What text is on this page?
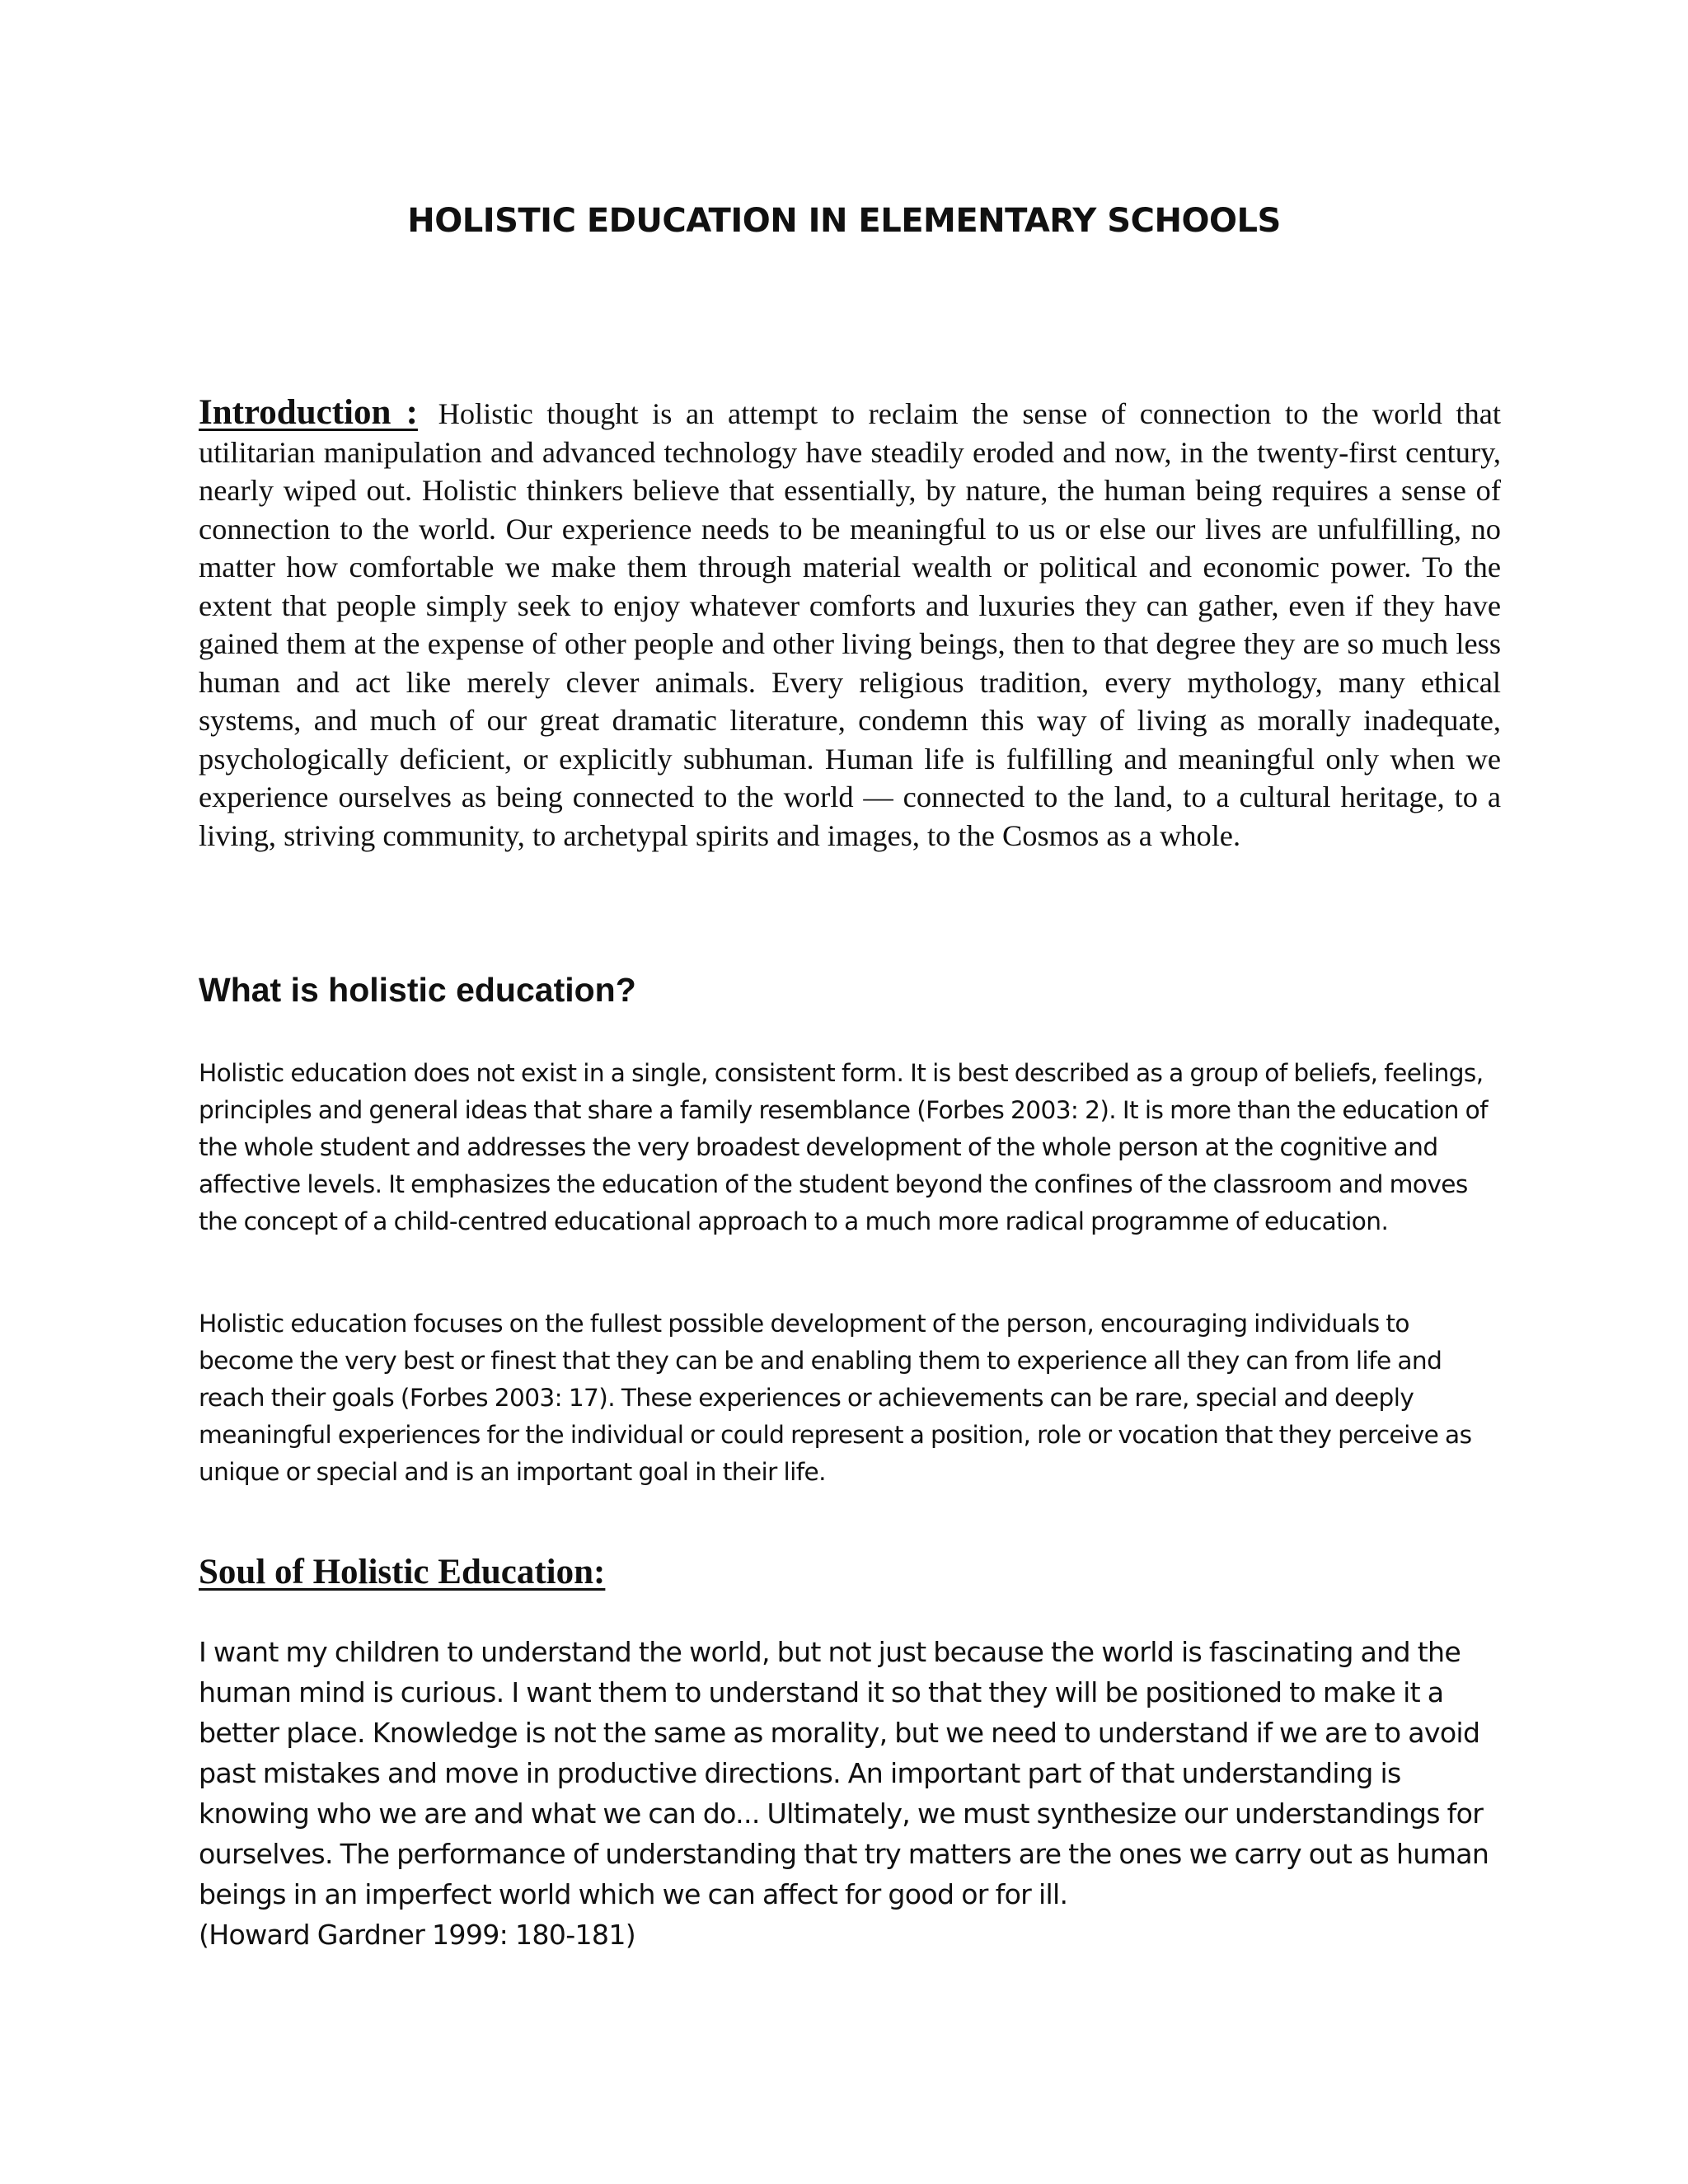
HOLISTIC EDUCATION IN ELEMENTARY SCHOOLS

Introduction : Holistic thought is an attempt to reclaim the sense of connection to the world that utilitarian manipulation and advanced technology have steadily eroded and now, in the twenty-first century, nearly wiped out. Holistic thinkers believe that essentially, by nature, the human being requires a sense of connection to the world. Our experience needs to be meaningful to us or else our lives are unfulfilling, no matter how comfortable we make them through material wealth or political and economic power. To the extent that people simply seek to enjoy whatever comforts and luxuries they can gather, even if they have gained them at the expense of other people and other living beings, then to that degree they are so much less human and act like merely clever animals. Every religious tradition, every mythology, many ethical systems, and much of our great dramatic literature, condemn this way of living as morally inadequate, psychologically deficient, or explicitly subhuman. Human life is fulfilling and meaningful only when we experience ourselves as being connected to the world — connected to the land, to a cultural heritage, to a living, striving community, to archetypal spirits and images, to the Cosmos as a whole.

What is holistic education?

Holistic education does not exist in a single, consistent form. It is best described as a group of beliefs, feelings, principles and general ideas that share a family resemblance (Forbes 2003: 2). It is more than the education of the whole student and addresses the very broadest development of the whole person at the cognitive and affective levels. It emphasizes the education of the student beyond the confines of the classroom and moves the concept of a child-centred educational approach to a much more radical programme of education.

Holistic education focuses on the fullest possible development of the person, encouraging individuals to become the very best or finest that they can be and enabling them to experience all they can from life and reach their goals (Forbes 2003: 17). These experiences or achievements can be rare, special and deeply meaningful experiences for the individual or could represent a position, role or vocation that they perceive as unique or special and is an important goal in their life.

Soul of Holistic Education:

I want my children to understand the world, but not just because the world is fascinating and the human mind is curious. I want them to understand it so that they will be positioned to make it a better place. Knowledge is not the same as morality, but we need to understand if we are to avoid past mistakes and move in productive directions. An important part of that understanding is knowing who we are and what we can do... Ultimately, we must synthesize our understandings for ourselves. The performance of understanding that try matters are the ones we carry out as human beings in an imperfect world which we can affect for good or for ill.
(Howard Gardner 1999: 180-181)
